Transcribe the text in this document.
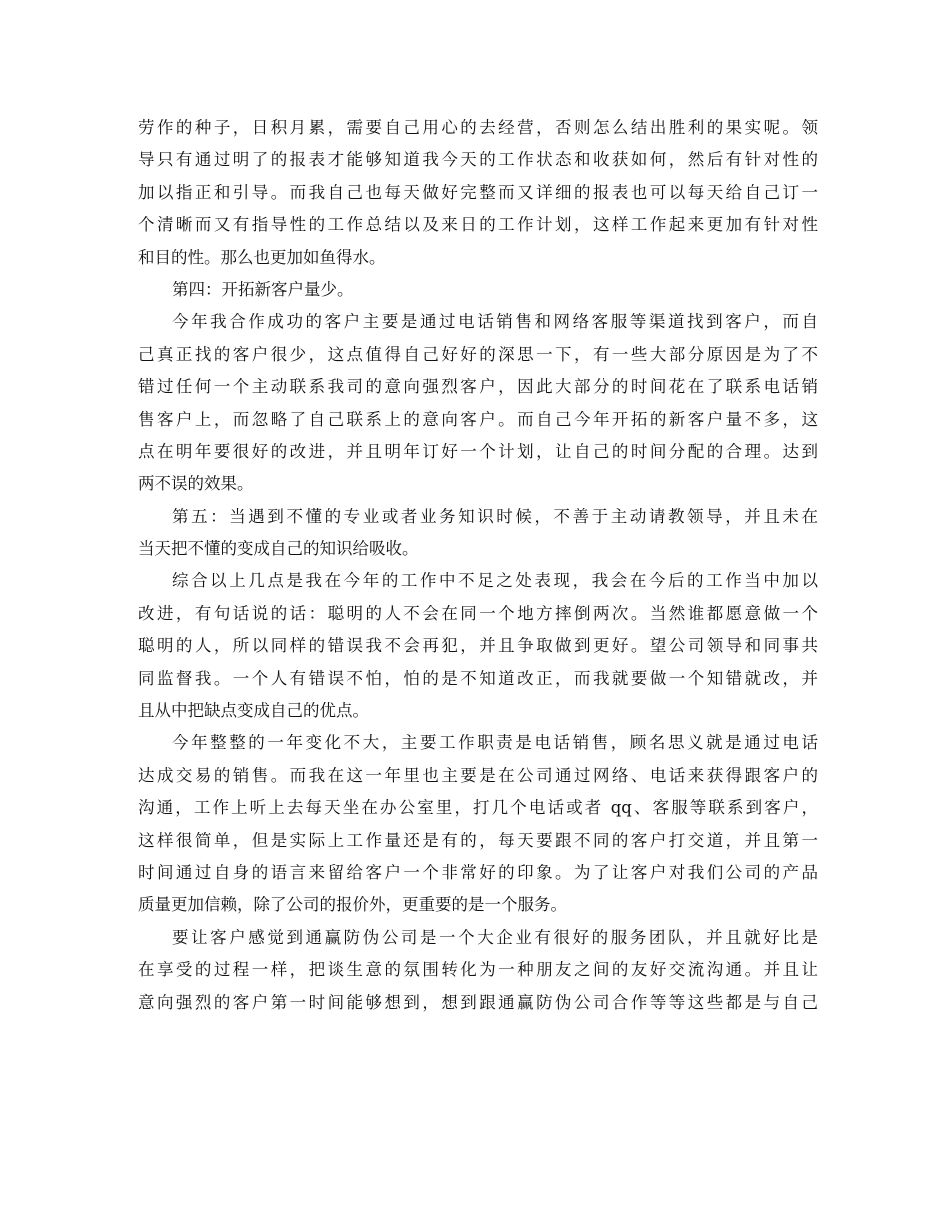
劳作的种子，日积月累，需要自己用心的去经营，否则怎么结出胜利的果实呢。领
导只有通过明了的报表才能够知道我今天的工作状态和收获如何，然后有针对性的
加以指正和引导。而我自己也每天做好完整而又详细的报表也可以每天给自己订一
个清晰而又有指导性的工作总结以及来日的工作计划，这样工作起来更加有针对性
和目的性。那么也更加如鱼得水。
第四：开拓新客户量少。
今年我合作成功的客户主要是通过电话销售和网络客服等渠道找到客户，而自
己真正找的客户很少，这点值得自己好好的深思一下，有一些大部分原因是为了不
错过任何一个主动联系我司的意向强烈客户，因此大部分的时间花在了联系电话销
售客户上，而忽略了自己联系上的意向客户。而自己今年开拓的新客户量不多，这
点在明年要很好的改进，并且明年订好一个计划，让自己的时间分配的合理。达到
两不误的效果。
第五：当遇到不懂的专业或者业务知识时候，不善于主动请教领导，并且未在
当天把不懂的变成自己的知识给吸收。
综合以上几点是我在今年的工作中不足之处表现，我会在今后的工作当中加以
改进，有句话说的话：聪明的人不会在同一个地方摔倒两次。当然谁都愿意做一个
聪明的人，所以同样的错误我不会再犯，并且争取做到更好。望公司领导和同事共
同监督我。一个人有错误不怕，怕的是不知道改正，而我就要做一个知错就改，并
且从中把缺点变成自己的优点。
今年整整的一年变化不大，主要工作职责是电话销售，顾名思义就是通过电话
达成交易的销售。而我在这一年里也主要是在公司通过网络、电话来获得跟客户的
沟通，工作上听上去每天坐在办公室里，打几个电话或者 qq、客服等联系到客户，
这样很简单，但是实际上工作量还是有的，每天要跟不同的客户打交道，并且第一
时间通过自身的语言来留给客户一个非常好的印象。为了让客户对我们公司的产品
质量更加信赖，除了公司的报价外，更重要的是一个服务。
要让客户感觉到通赢防伪公司是一个大企业有很好的服务团队，并且就好比是
在享受的过程一样，把谈生意的氛围转化为一种朋友之间的友好交流沟通。并且让
意向强烈的客户第一时间能够想到，想到跟通赢防伪公司合作等等这些都是与自己
